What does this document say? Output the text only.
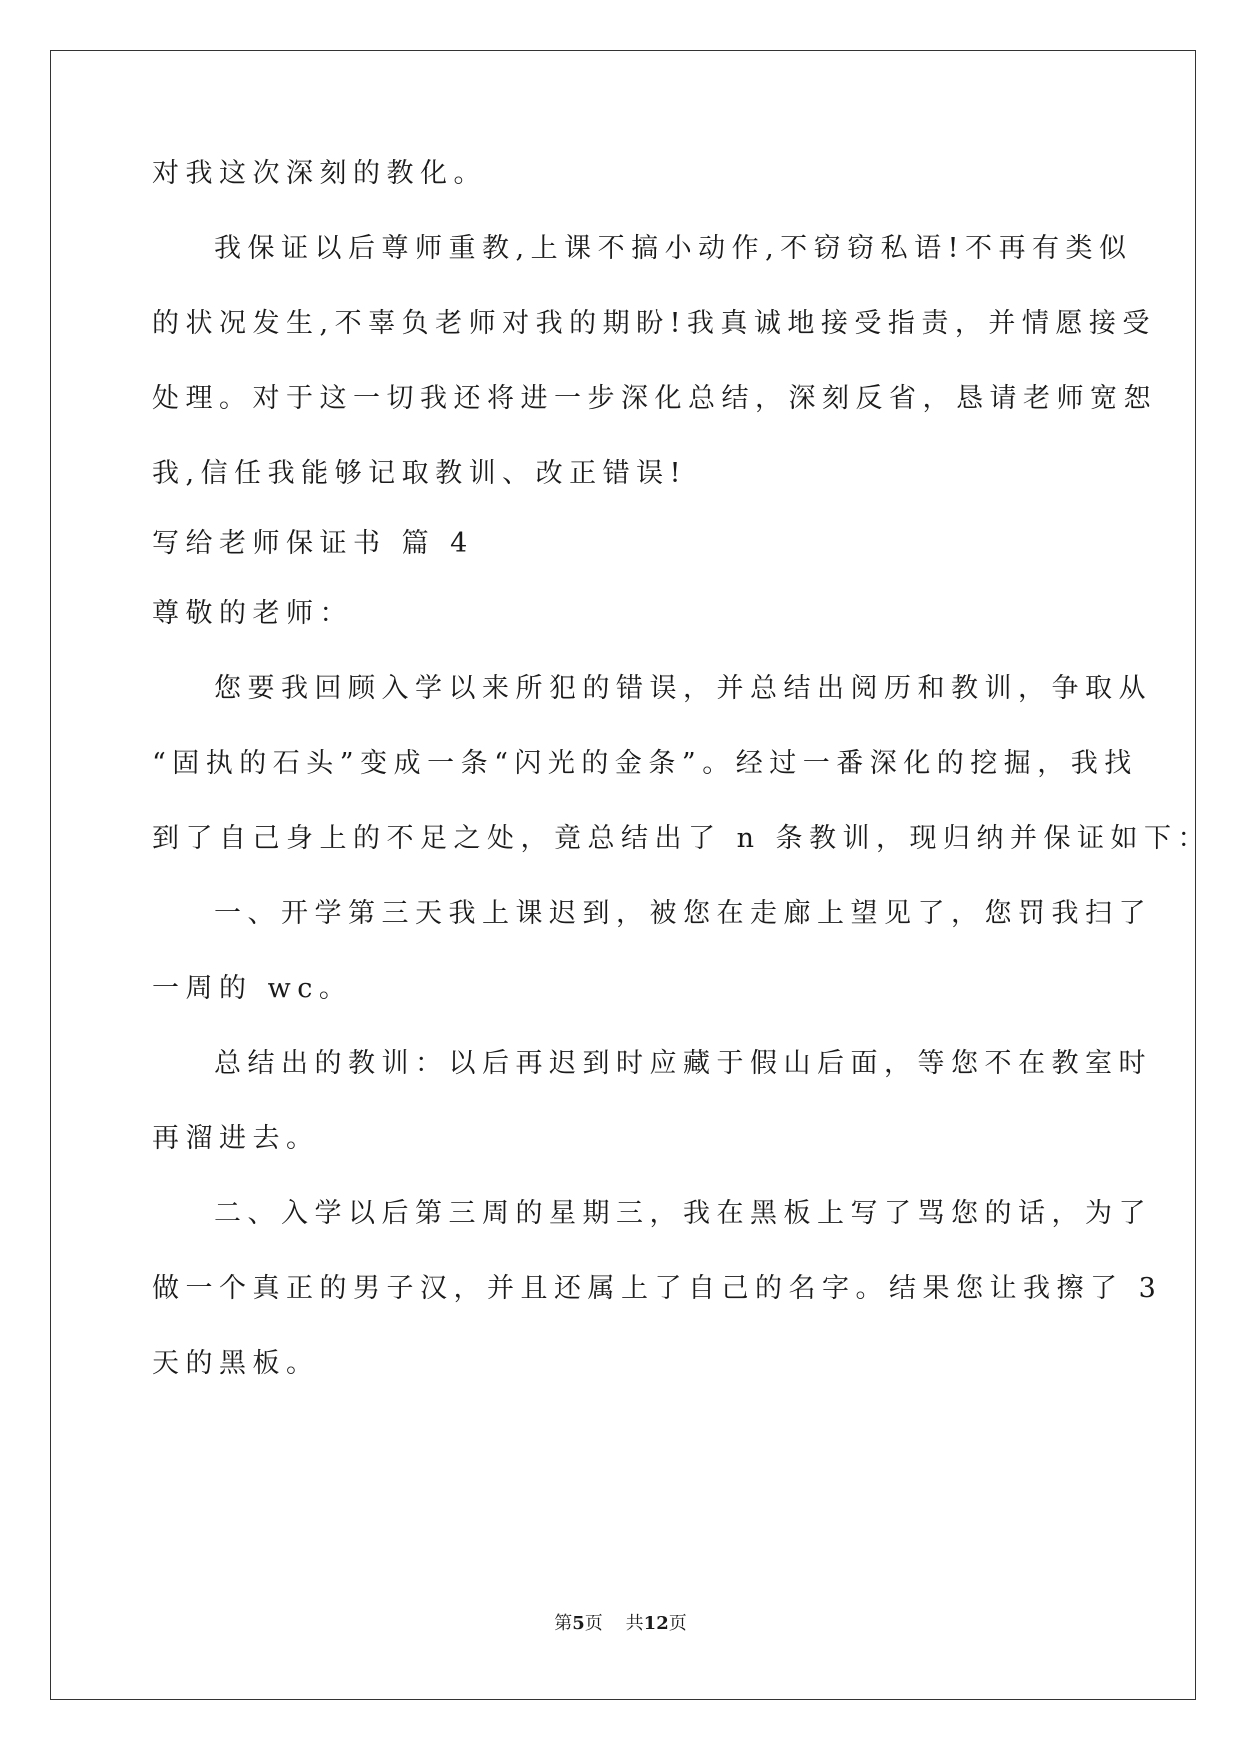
对我这次深刻的教化。
我保证以后尊师重教,上课不搞小动作,不窃窃私语!不再有类似
的状况发生,不辜负老师对我的期盼!我真诚地接受指责，并情愿接受
处理。对于这一切我还将进一步深化总结，深刻反省，恳请老师宽恕
我,信任我能够记取教训、改正错误!
写给老师保证书 篇 4
尊敬的老师：
您要我回顾入学以来所犯的错误，并总结出阅历和教训，争取从
“固执的石头”变成一条“闪光的金条”。经过一番深化的挖掘，我找
到了自己身上的不足之处，竟总结出了 n 条教训，现归纳并保证如下：
一、开学第三天我上课迟到，被您在走廊上望见了，您罚我扫了
一周的 wc。
总结出的教训：以后再迟到时应藏于假山后面，等您不在教室时
再溜进去。
二、入学以后第三周的星期三，我在黑板上写了骂您的话，为了
做一个真正的男子汉，并且还属上了自己的名字。结果您让我擦了 3
天的黑板。
第5页 共12页
